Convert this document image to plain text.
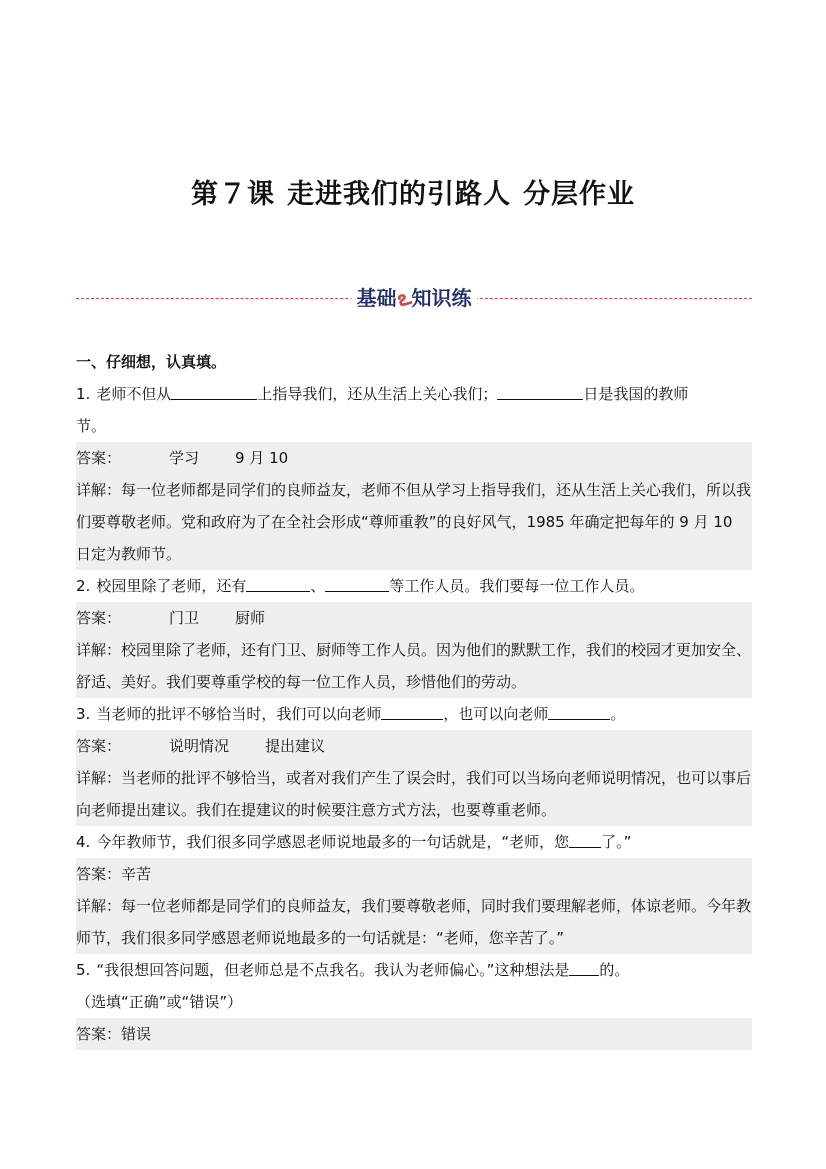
第７课 走进我们的引路人 分层作业
基础ఽ知识练
一、仔细想，认真填。
1. 老师不但从	上指导我们，还从生活上关心我们；	日是我国的教师
节。
答案：	学习 9 月 10
详解：每一位老师都是同学们的良师益友，老师不但从学习上指导我们，还从生活上关心我们，所以我们要尊敬老师。党和政府为了在全社会形成“尊师重教”的良好风气，1985 年确定把每年的 9 月 10 日定为教师节。
2. 校园里除了老师，还有	、	等工作人员。我们要每一位工作人员。
答案：	门卫 厨师
详解：校园里除了老师，还有门卫、厨师等工作人员。因为他们的默默工作，我们的校园才更加安全、舒适、美好。我们要尊重学校的每一位工作人员，珍惜他们的劳动。
3. 当老师的批评不够恰当时，我们可以向老师	，也可以向老师	。
答案：	说明情况 提出建议
详解：当老师的批评不够恰当，或者对我们产生了误会时，我们可以当场向老师说明情况，也可以事后向老师提出建议。我们在提建议的时候要注意方式方法，也要尊重老师。
4. 今年教师节，我们很多同学感恩老师说地最多的一句话就是，“老师，您 了。”
答案：辛苦
详解：每一位老师都是同学们的良师益友，我们要尊敬老师，同时我们要理解老师，体谅老师。今年教师节，我们很多同学感恩老师说地最多的一句话就是：“老师，您辛苦了。”
5. “我很想回答问题，但老师总是不点我名。我认为老师偏心。”这种想法是 的。
（选填“正确”或“错误”）
答案：错误
